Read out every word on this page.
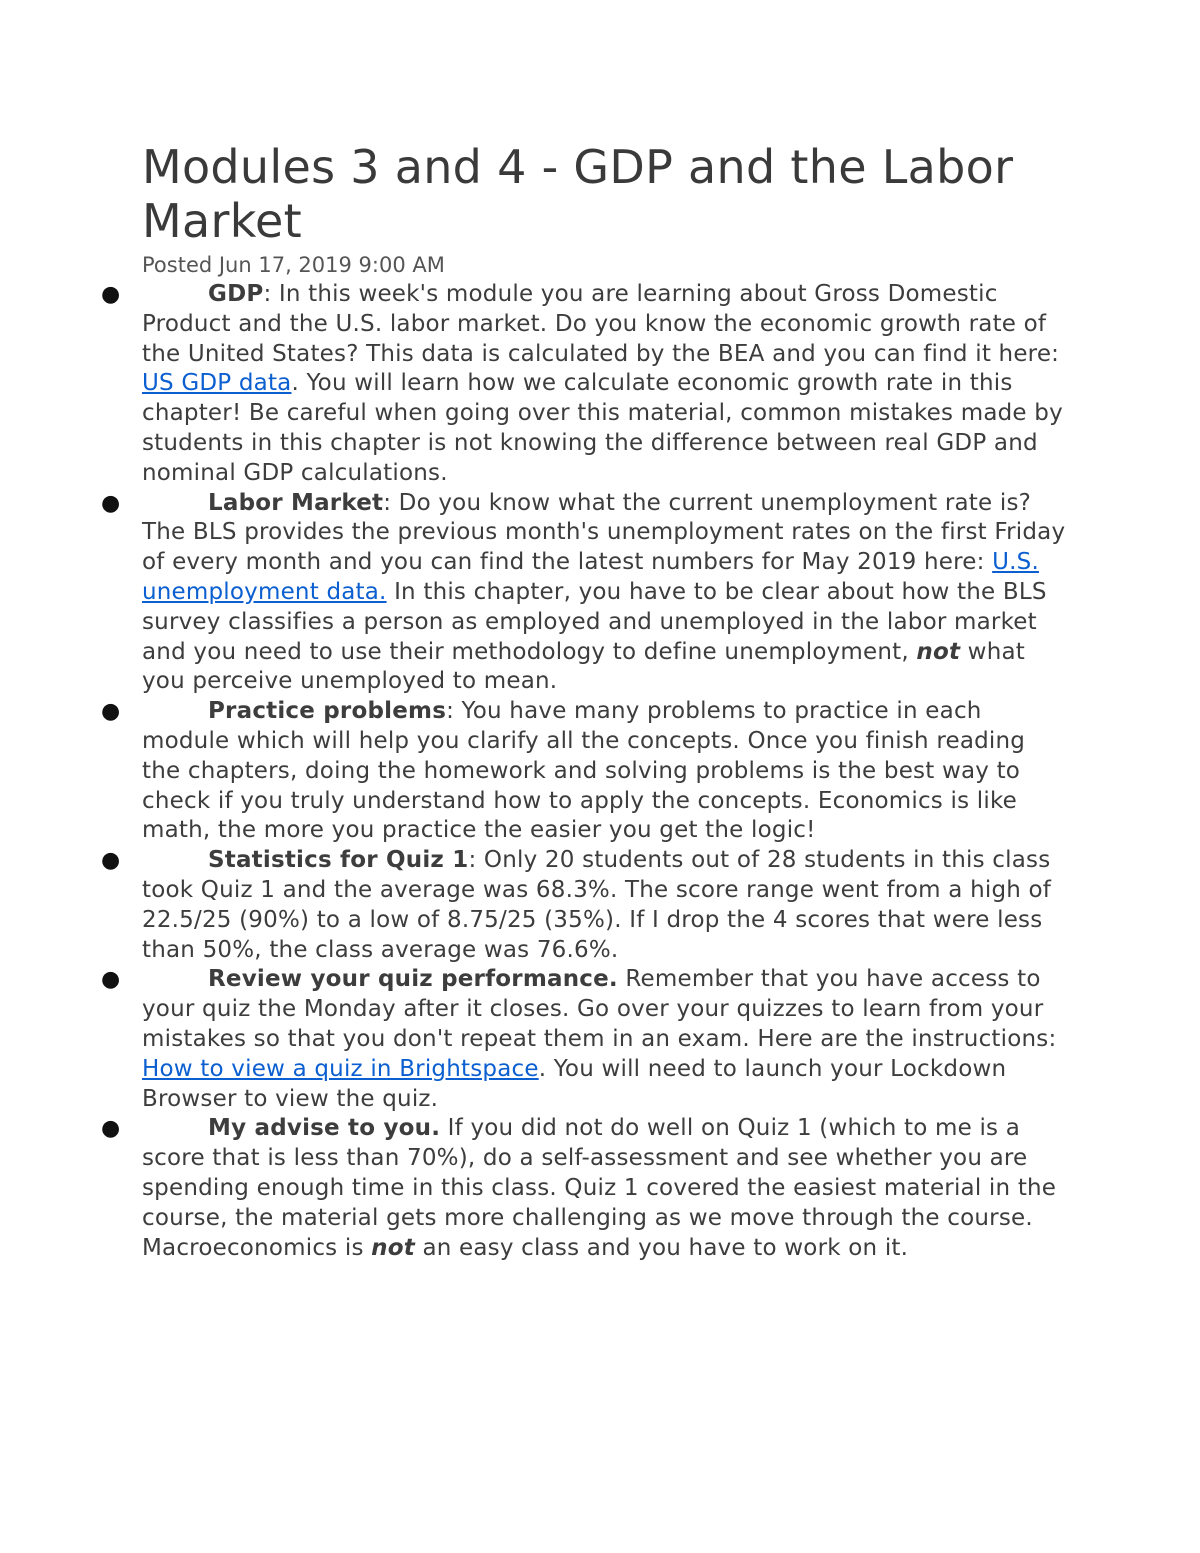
Modules 3 and 4 - GDP and the Labor Market
Posted Jun 17, 2019 9:00 AM
●	GDP: In this week's module you are learning about Gross Domestic Product and the U.S. labor market. Do you know the economic growth rate of the United States? This data is calculated by the BEA and you can find it here: US GDP data. You will learn how we calculate economic growth rate in this chapter! Be careful when going over this material, common mistakes made by students in this chapter is not knowing the difference between real GDP and nominal GDP calculations.
●	Labor Market: Do you know what the current unemployment rate is? The BLS provides the previous month's unemployment rates on the first Friday of every month and you can find the latest numbers for May 2019 here: U.S. unemployment data. In this chapter, you have to be clear about how the BLS survey classifies a person as employed and unemployed in the labor market and you need to use their methodology to define unemployment, not what you perceive unemployed to mean.
●	Practice problems: You have many problems to practice in each module which will help you clarify all the concepts. Once you finish reading the chapters, doing the homework and solving problems is the best way to check if you truly understand how to apply the concepts. Economics is like math, the more you practice the easier you get the logic!
●	Statistics for Quiz 1: Only 20 students out of 28 students in this class took Quiz 1 and the average was 68.3%. The score range went from a high of 22.5/25 (90%) to a low of 8.75/25 (35%). If I drop the 4 scores that were less than 50%, the class average was 76.6%.
●	Review your quiz performance. Remember that you have access to your quiz the Monday after it closes. Go over your quizzes to learn from your mistakes so that you don't repeat them in an exam. Here are the instructions: How to view a quiz in Brightspace. You will need to launch your Lockdown Browser to view the quiz.
●	My advise to you. If you did not do well on Quiz 1 (which to me is a score that is less than 70%), do a self-assessment and see whether you are spending enough time in this class. Quiz 1 covered the easiest material in the course, the material gets more challenging as we move through the course. Macroeconomics is not an easy class and you have to work on it.
